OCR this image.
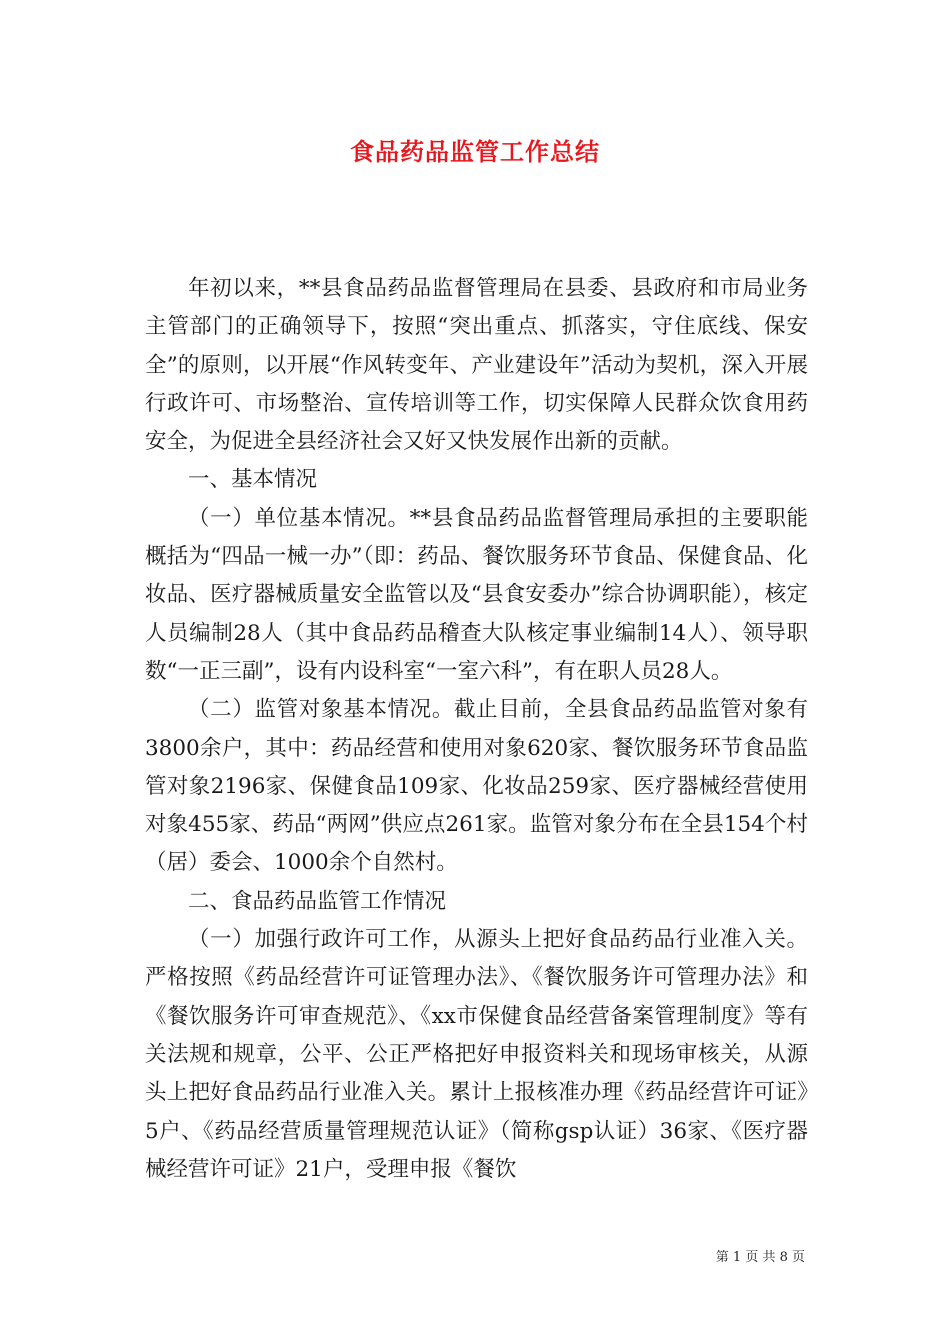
食品药品监管工作总结

年初以来，**县食品药品监督管理局在县委、县政府和市局业务主管部门的正确领导下，按照“突出重点、抓落实，守住底线、保安全”的原则，以开展“作风转变年、产业建设年”活动为契机，深入开展行政许可、市场整治、宣传培训等工作，切实保障人民群众饮食用药安全，为促进全县经济社会又好又快发展作出新的贡献。

一、基本情况

（一）单位基本情况。**县食品药品监督管理局承担的主要职能概括为“四品一械一办”（即：药品、餐饮服务环节食品、保健食品、化妆品、医疗器械质量安全监管以及“县食安委办”综合协调职能），核定人员编制28人（其中食品药品稽查大队核定事业编制14人）、领导职数“一正三副”，设有内设科室“一室六科”，有在职人员28人。

（二）监管对象基本情况。截止目前，全县食品药品监管对象有3800余户，其中：药品经营和使用对象620家、餐饮服务环节食品监管对象2196家、保健食品109家、化妆品259家、医疗器械经营使用对象455家、药品“两网”供应点261家。监管对象分布在全县154个村（居）委会、1000余个自然村。

二、食品药品监管工作情况

（一）加强行政许可工作，从源头上把好食品药品行业准入关。严格按照《药品经营许可证管理办法》、《餐饮服务许可管理办法》和《餐饮服务许可审查规范》、《xx市保健食品经营备案管理制度》等有关法规和规章，公平、公正严格把好申报资料关和现场审核关，从源头上把好食品药品行业准入关。累计上报核准办理《药品经营许可证》5户、《药品经营质量管理规范认证》（简称gsp认证）36家、《医疗器械经营许可证》21户，受理申报《餐饮

第 1 页 共 8 页
